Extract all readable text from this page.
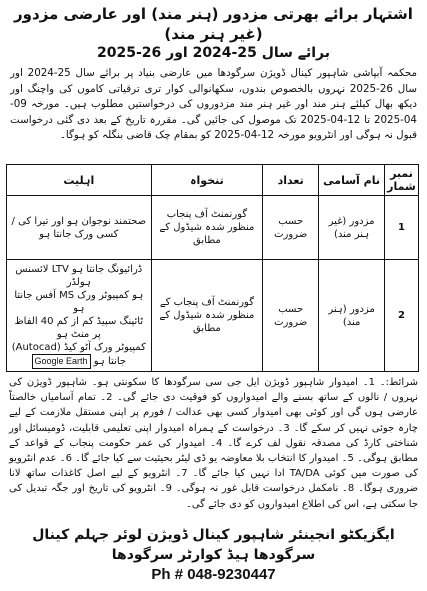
اشتہار برائے بھرتی مزدور (ہنر مند) اور عارضی مزدور (غیر ہنر مند)
برائے سال 25-2024 اور 26-2025
محکمہ آبپاشی شاہپور کینال ڈویژن سرگودھا میں عارضی بنیاد پر برائے سال 25-2024 اور سال 26-2025 نہروں بالخصوص بندوں، سکھانوالی کوار تری ترقیاتی کاموں کی واچنگ اور دیکھ بھال کیلئے ہنر مند اور غیر ہنر مند مزدوروں کی درخواستیں مطلوب ہیں۔ مورخہ 09-04-2025 تا 12-04-2025 تک موصول کی جائیں گی۔ مقررہ تاریخ کے بعد دی گئی درخواست قبول نہ ہوگی اور انٹرویو مورخہ 12-04-2025 کو بمقام چک قاضی بنگلہ کو ہوگا۔
نمبر شمار	نام آسامی	تعداد	تنخواہ	اہلیت
1	مزدور (غیر ہنر مند)	حسب ضرورت	گورنمنٹ آف پنجاب منظور شدہ شیڈول کے مطابق	صحتمند نوجوان ہو اور تیرا کی / کسی ورک جانتا ہو
2	مزدور (ہنر مند)	حسب ضرورت	گورنمنٹ آف پنجاب کے منظور شدہ شیڈول کے مطابق	ڈرائیونگ جانتا ہو LTV لائسنس ہولڈر
ہو کمپیوٹر ورک MS آفس جانتا ہو
ٹائپنگ سپیڈ کم از کم 40 الفاظ پر منٹ ہو
کمپیوٹر ورک آٹو کیڈ (Autocad)
جانتا ہو Google Earth
شرائط:۔ 1۔ امیدوار شاہپور ڈویژن ایل جی سی سرگودھا کا سکونتی ہو۔ شاہپور ڈویژن کی نہروں / نالوں کے ساتھ بسنے والے امیدواروں کو فوقیت دی جائے گی۔ 2۔ تمام آسامیاں خالصتاً عارضی ہوں گی اور کوئی بھی امیدوار کسی بھی عدالت / فورم پر اپنی مستقل ملازمت کے لیے چارہ جوئی نہیں کر سکے گا۔ 3۔ درخواست کے ہمراہ امیدوار اپنی تعلیمی قابلیت، ڈومیسائل اور شناختی کارڈ کی مصدقہ نقول لف کرے گا۔ 4۔ امیدوار کی عمر حکومت پنجاب کے قواعد کے مطابق ہوگی۔ 5۔ امیدوار کا انتخاب بلا معاوضہ یو ڈی لیٹر بحیثیت سے کیا جائے گا۔ 6۔ عدم انٹرویو کی صورت میں کوئی TA/DA ادا نہیں کیا جائے گا۔ 7۔ انٹرویو کے لیے اصل کاغذات ساتھ لانا ضروری ہوگا۔ 8۔ نامکمل درخواست قابل غور نہ ہوگی۔ 9۔ انٹرویو کی تاریخ اور جگہ تبدیل کی جا سکتی ہے، اس کی اطلاع امیدواروں کو دی جائے گی۔
ایگزیکٹو انجینئر شاہپور کینال ڈویژن لوئر جہلم کینال سرگودھا ہیڈ کوارٹر سرگودھا
Ph # 048-9230447
